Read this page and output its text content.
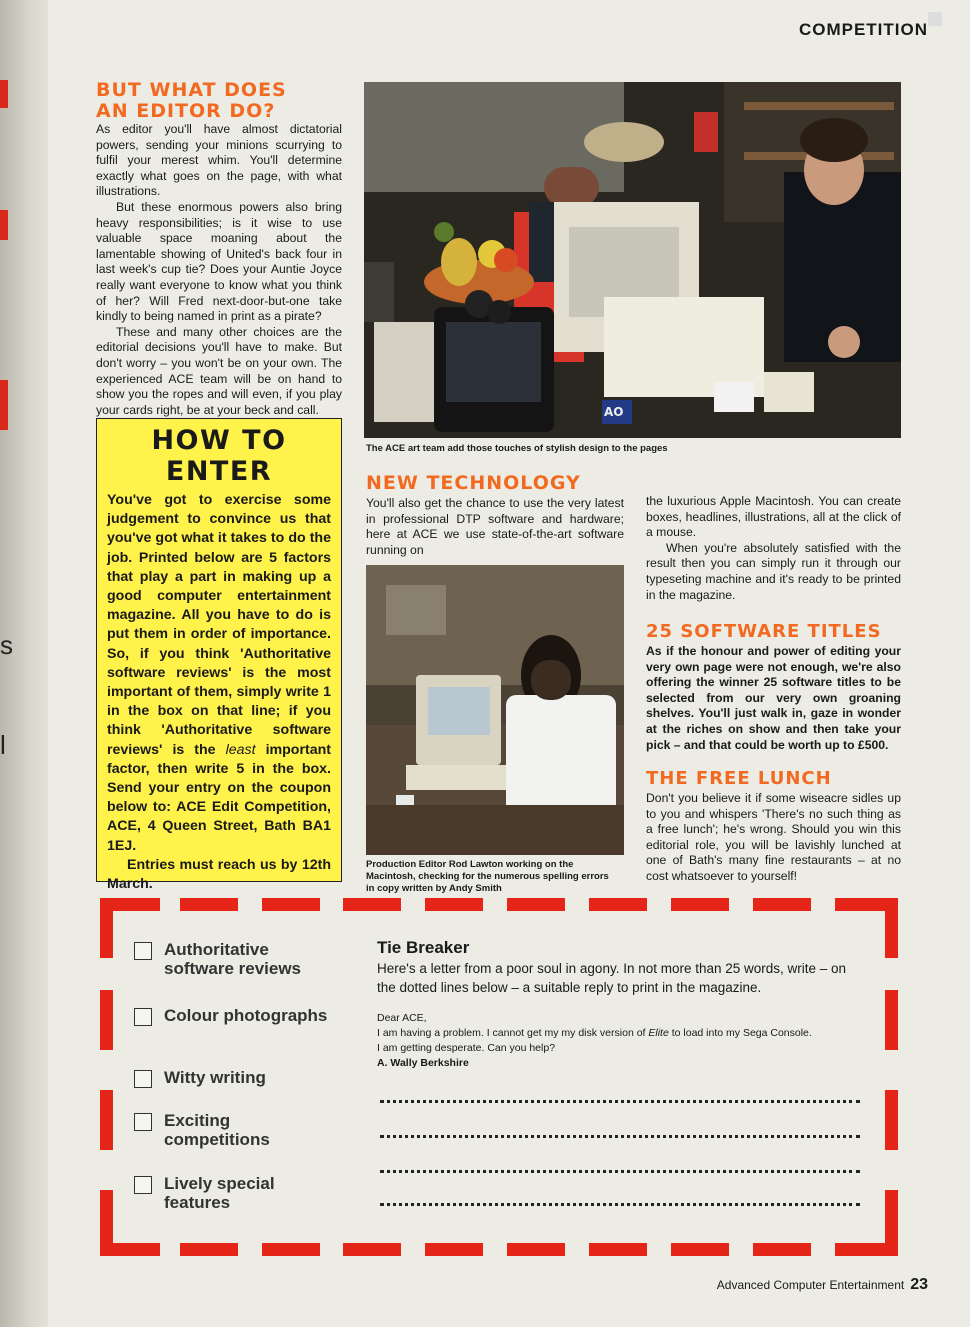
s
l
COMPETITION
BUT WHAT DOES AN EDITOR DO?

As editor you'll have almost dictatorial powers, sending your minions scurrying to fulfil your merest whim. You'll determine exactly what goes on the page, with what illustrations.

But these enormous powers also bring heavy responsibilities; is it wise to use valuable space moaning about the lamentable showing of United's back four in last week's cup tie? Does your Auntie Joyce really want everyone to know what you think of her? Will Fred next-door-but-one take kindly to being named in print as a pirate?

These and many other choices are the editorial decisions you'll have to make. But don't worry – you won't be on your own. The experienced ACE team will be on hand to show you the ropes and will even, if you play your cards right, be at your beck and call.	AO
The ACE art team add those touches of stylish design to the pages
HOW TO
ENTER
You've got to exercise some judgement to convince us that you've got what it takes to do the job. Printed below are 5 factors that play a part in making up a good computer entertainment magazine. All you have to do is put them in order of importance. So, if you think 'Authoritative software reviews' is the most important of them, simply write 1 in the box on that line; if you think 'Authoritative software reviews' is the least important factor, then write 5 in the box. Send your entry on the coupon below to: ACE Edit Competition, ACE, 4 Queen Street, Bath BA1 1EJ.
Entries must reach us by 12th March.
NEW TECHNOLOGY
You'll also get the chance to use the very latest in professional DTP software and hardware; here at ACE we use state-of-the-art software running on

the luxurious Apple Macintosh. You can create boxes, headlines, illustrations, all at the click of a mouse.

When you're absolutely satisfied with the result then you can simply run it through our typeseting machine and it's ready to be printed in the magazine.

Production Editor Rod Lawton working on the Macintosh, checking for the numerous spelling errors in copy written by Andy Smith
25 SOFTWARE TITLES
As if the honour and power of editing your very own page were not enough, we're also offering the winner 25 software titles to be selected from our very own groaning shelves. You'll just walk in, gaze in wonder at the riches on show and then take your pick – and that could be worth up to £500.
THE FREE LUNCH
Don't you believe it if some wiseacre sidles up to you and whispers 'There's no such thing as a free lunch'; he's wrong. Should you win this editorial role, you will be lavishly lunched at one of Bath's many fine restaurants – at no cost whatsoever to yourself!
Authoritative software reviews
Colour photographs
Witty writing
Exciting competitions
Lively special features
Tie Breaker
Here's a letter from a poor soul in agony. In not more than 25 words, write – on the dotted lines below – a suitable reply to print in the magazine.
Dear ACE,
I am having a problem. I cannot get my my disk version of Elite to load into my Sega Console.
I am getting desperate. Can you help?
A. Wally Berkshire
Advanced Computer Entertainment 23
